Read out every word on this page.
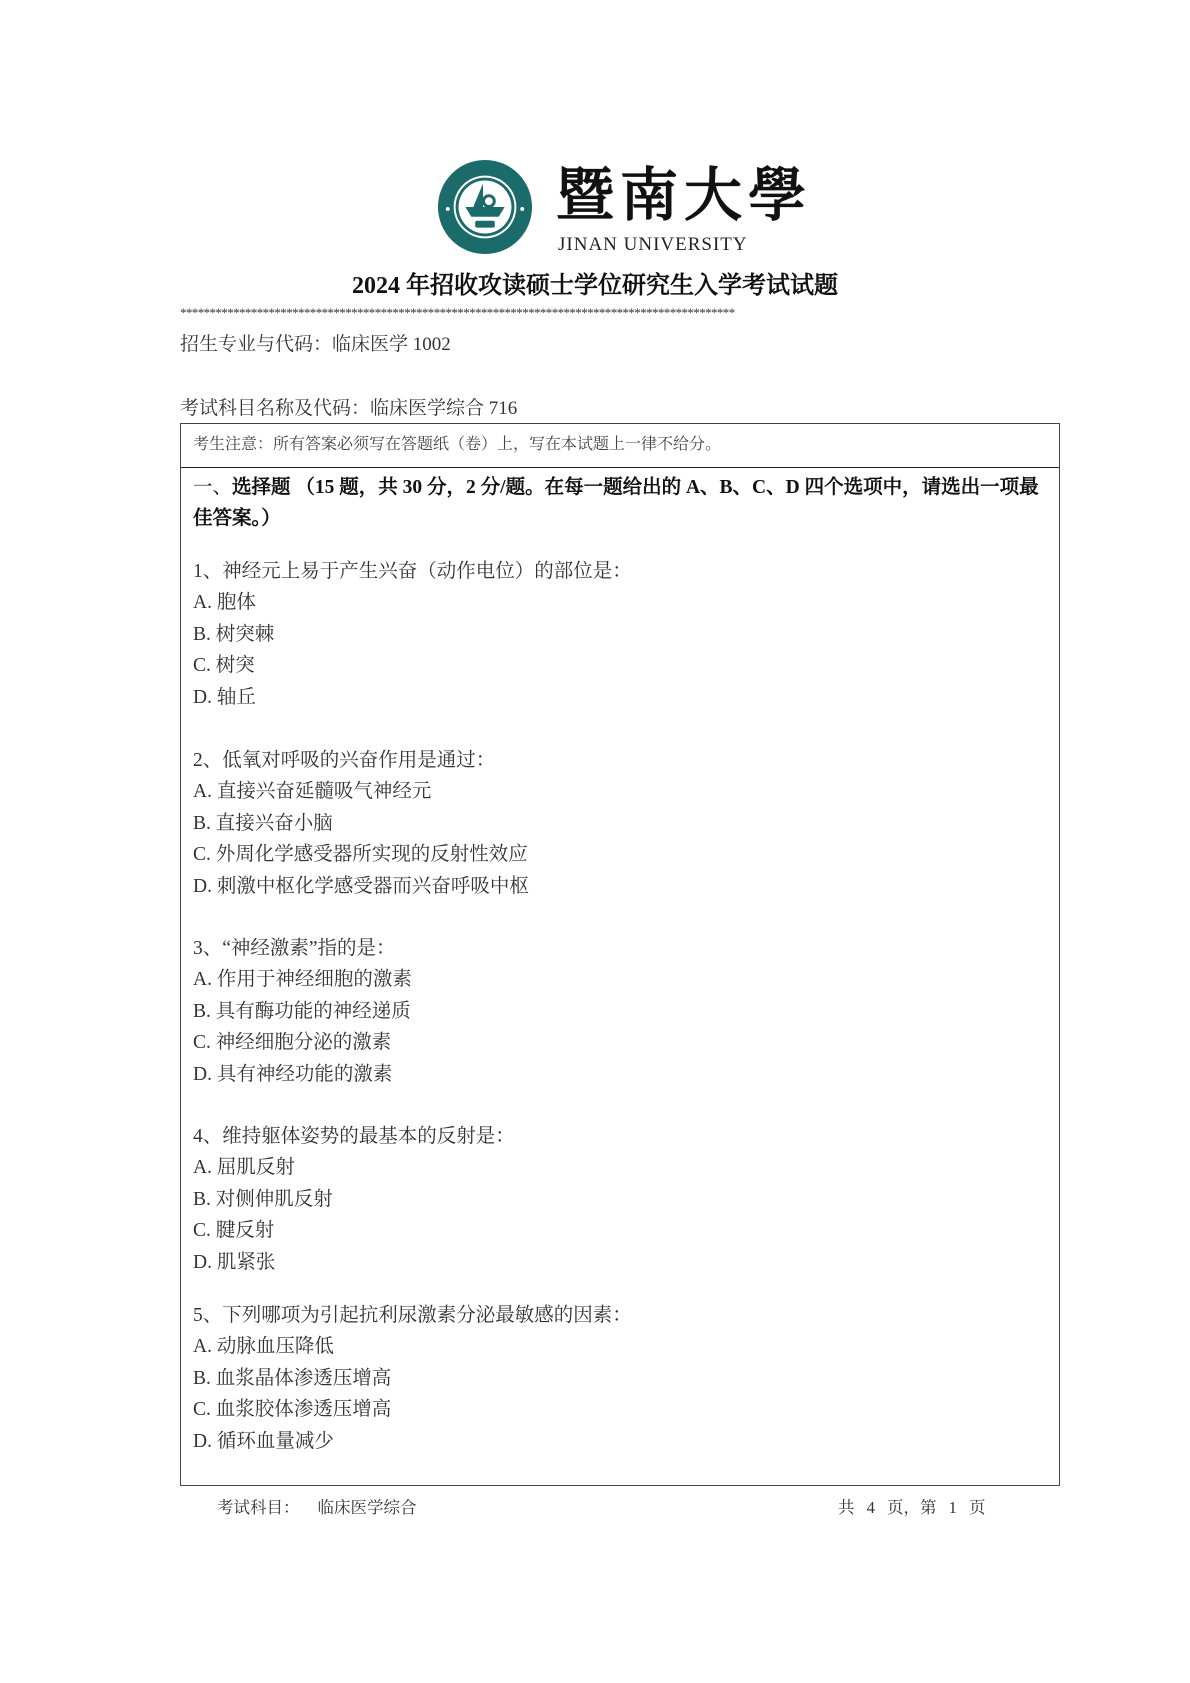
暨南大學
JINAN UNIVERSITY
2024 年招收攻读硕士学位研究生入学考试试题
**********************************************************************************************
招生专业与代码：临床医学 1002
考试科目名称及代码：临床医学综合 716
考生注意：所有答案必须写在答题纸（卷）上，写在本试题上一律不给分。
一、选择题 （15 题，共 30 分，2 分/题。在每一题给出的 A、B、C、D 四个选项中，请选出一项最佳答案。）
1、神经元上易于产生兴奋（动作电位）的部位是：
A. 胞体
B. 树突棘
C. 树突
D. 轴丘
2、低氧对呼吸的兴奋作用是通过：
A. 直接兴奋延髓吸气神经元
B. 直接兴奋小脑
C. 外周化学感受器所实现的反射性效应
D. 刺激中枢化学感受器而兴奋呼吸中枢
3、“神经激素”指的是：
A. 作用于神经细胞的激素
B. 具有酶功能的神经递质
C. 神经细胞分泌的激素
D. 具有神经功能的激素
4、维持躯体姿势的最基本的反射是：
A. 屈肌反射
B. 对侧伸肌反射
C. 腱反射
D. 肌紧张
5、下列哪项为引起抗利尿激素分泌最敏感的因素：
A. 动脉血压降低
B. 血浆晶体渗透压增高
C. 血浆胶体渗透压增高
D. 循环血量减少
考试科目： 临床医学综合	共 4 页，第 1 页
